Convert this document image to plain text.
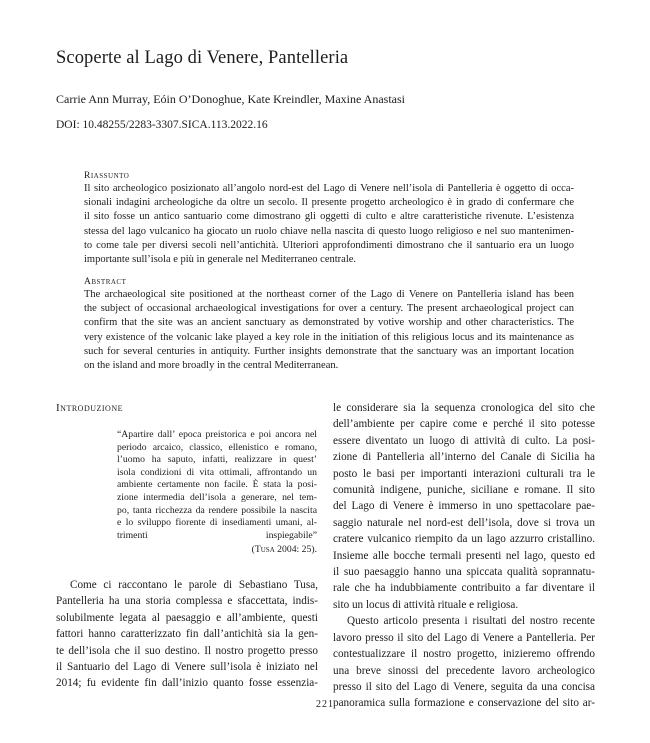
Scoperte al Lago di Venere, Pantelleria
Carrie Ann Murray, Eóin O’Donoghue, Kate Kreindler, Maxine Anastasi
DOI: 10.48255/2283-3307.SICA.113.2022.16
Riassunto
Il sito archeologico posizionato all’angolo nord-est del Lago di Venere nell’isola di Pantelleria è oggetto di occa-
sionali indagini archeologiche da oltre un secolo. Il presente progetto archeologico è in grado di confermare che
il sito fosse un antico santuario come dimostrano gli oggetti di culto e altre caratteristiche rivenute. L’esistenza
stessa del lago vulcanico ha giocato un ruolo chiave nella nascita di questo luogo religioso e nel suo mantenimen-
to come tale per diversi secoli nell’antichità. Ulteriori approfondimenti dimostrano che il santuario era un luogo
importante sull’isola e più in generale nel Mediterraneo centrale.
Abstract
The archaeological site positioned at the northeast corner of the Lago di Venere on Pantelleria island has been
the subject of occasional archaeological investigations for over a century. The present archaeological project can
confirm that the site was an ancient sanctuary as demonstrated by votive worship and other characteristics. The
very existence of the volcanic lake played a key role in the initiation of this religious locus and its maintenance as
such for several centuries in antiquity. Further insights demonstrate that the sanctuary was an important location
on the island and more broadly in the central Mediterranean.
Introduzione
“Apartire dall’ epoca preistorica e poi ancora nel
periodo arcaico, classico, ellenistico e romano,
l’uomo ha saputo, infatti, realizzare in quest’
isola condizioni di vita ottimali, affrontando un
ambiente certamente non facile. È stata la posi-
zione intermedia dell’isola a generare, nel tem-
po, tanta ricchezza da rendere possibile la nascita
e lo sviluppo fiorente di insediamenti umani, al-
trimenti inspiegabile”
(Tusa 2004: 25).
Come ci raccontano le parole di Sebastiano Tusa,
Pantelleria ha una storia complessa e sfaccettata, indis-
solubilmente legata al paesaggio e all’ambiente, questi
fattori hanno caratterizzato fin dall’antichità sia la gen-
te dell’isola che il suo destino. Il nostro progetto presso
il Santuario del Lago di Venere sull’isola è iniziato nel
2014; fu evidente fin dall’inizio quanto fosse essenzia-
le considerare sia la sequenza cronologica del sito che
dell’ambiente per capire come e perché il sito potesse
essere diventato un luogo di attività di culto. La posi-
zione di Pantelleria all’interno del Canale di Sicilia ha
posto le basi per importanti interazioni culturali tra le
comunità indigene, puniche, siciliane e romane. Il sito
del Lago di Venere è immerso in uno spettacolare pae-
saggio naturale nel nord-est dell’isola, dove si trova un
cratere vulcanico riempito da un lago azzurro cristallino.
Insieme alle bocche termali presenti nel lago, questo ed
il suo paesaggio hanno una spiccata qualità soprannatu-
rale che ha indubbiamente contribuito a far diventare il
sito un locus di attività rituale e religiosa.
Questo articolo presenta i risultati del nostro recente
lavoro presso il sito del Lago di Venere a Pantelleria. Per
contestualizzare il nostro progetto, inizieremo offrendo
una breve sinossi del precedente lavoro archeologico
presso il sito del Lago di Venere, seguita da una concisa
panoramica sulla formazione e conservazione del sito ar-
221
